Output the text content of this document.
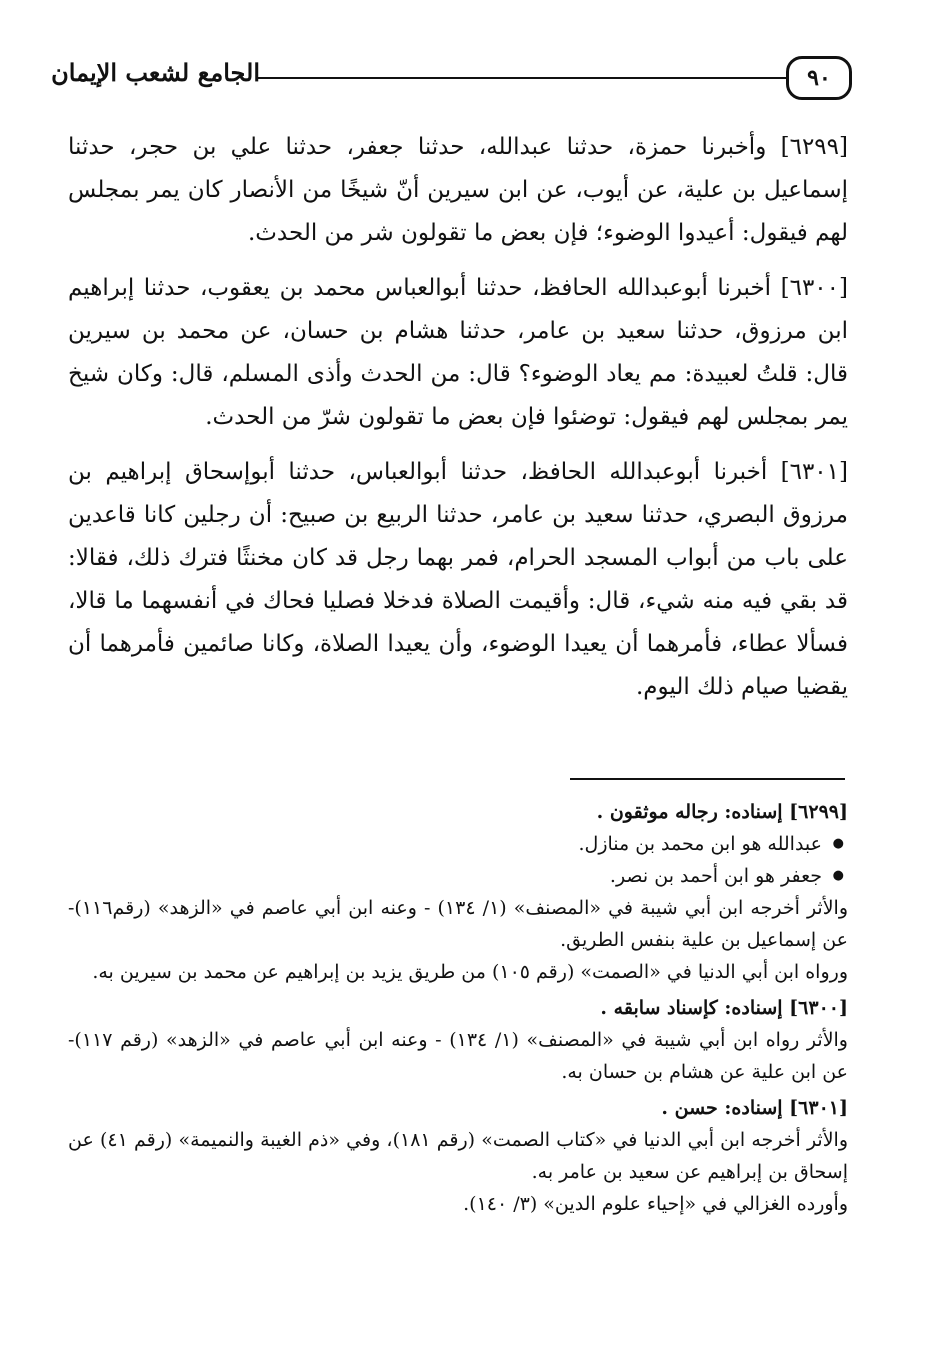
٩٠
الجامع لشعب الإيمان

[٦٢٩٩] وأخبرنا حمزة، حدثنا عبدالله، حدثنا جعفر، حدثنا علي بن حجر، حدثنا إسماعيل بن علية، عن أيوب، عن ابن سيرين أنّ شيخًا من الأنصار كان يمر بمجلس لهم فيقول: أعيدوا الوضوء؛ فإن بعض ما تقولون شر من الحدث.

[٦٣٠٠] أخبرنا أبوعبدالله الحافظ، حدثنا أبوالعباس محمد بن يعقوب، حدثنا إبراهيم ابن مرزوق، حدثنا سعيد بن عامر، حدثنا هشام بن حسان، عن محمد بن سيرين قال: قلتُ لعبيدة: مم يعاد الوضوء؟ قال: من الحدث وأذى المسلم، قال: وكان شيخ يمر بمجلس لهم فيقول: توضئوا فإن بعض ما تقولون شرّ من الحدث.

[٦٣٠١] أخبرنا أبوعبدالله الحافظ، حدثنا أبوالعباس، حدثنا أبوإسحاق إبراهيم بن مرزوق البصري، حدثنا سعيد بن عامر، حدثنا الربيع بن صبيح: أن رجلين كانا قاعدين على باب من أبواب المسجد الحرام، فمر بهما رجل قد كان مخنثًا فترك ذلك، فقالا: قد بقي فيه منه شيء، قال: وأقيمت الصلاة فدخلا فصليا فحاك في أنفسهما ما قالا، فسألا عطاء، فأمرهما أن يعيدا الوضوء، وأن يعيدا الصلاة، وكانا صائمين فأمرهما أن يقضيا صيام ذلك اليوم.

[٦٢٩٩] إسناده: رجاله موثقون .

● عبدالله هو ابن محمد بن منازل.

● جعفر هو ابن أحمد بن نصر.

والأثر أخرجه ابن أبي شيبة في «المصنف» (١/ ١٣٤) - وعنه ابن أبي عاصم في «الزهد» (رقم١١٦)- عن إسماعيل بن علية بنفس الطريق.

ورواه ابن أبي الدنيا في «الصمت» (رقم ١٠٥) من طريق يزيد بن إبراهيم عن محمد بن سيرين به.

[٦٣٠٠] إسناده: كإسناد سابقه .

والأثر رواه ابن أبي شيبة في «المصنف» (١/ ١٣٤) - وعنه ابن أبي عاصم في «الزهد» (رقم ١١٧)- عن ابن علية عن هشام بن حسان به.

[٦٣٠١] إسناده: حسن .

والأثر أخرجه ابن أبي الدنيا في «كتاب الصمت» (رقم ١٨١)، وفي «ذم الغيبة والنميمة» (رقم ٤١) عن إسحاق بن إبراهيم عن سعيد بن عامر به.

وأورده الغزالي في «إحياء علوم الدين» (٣/ ١٤٠).
